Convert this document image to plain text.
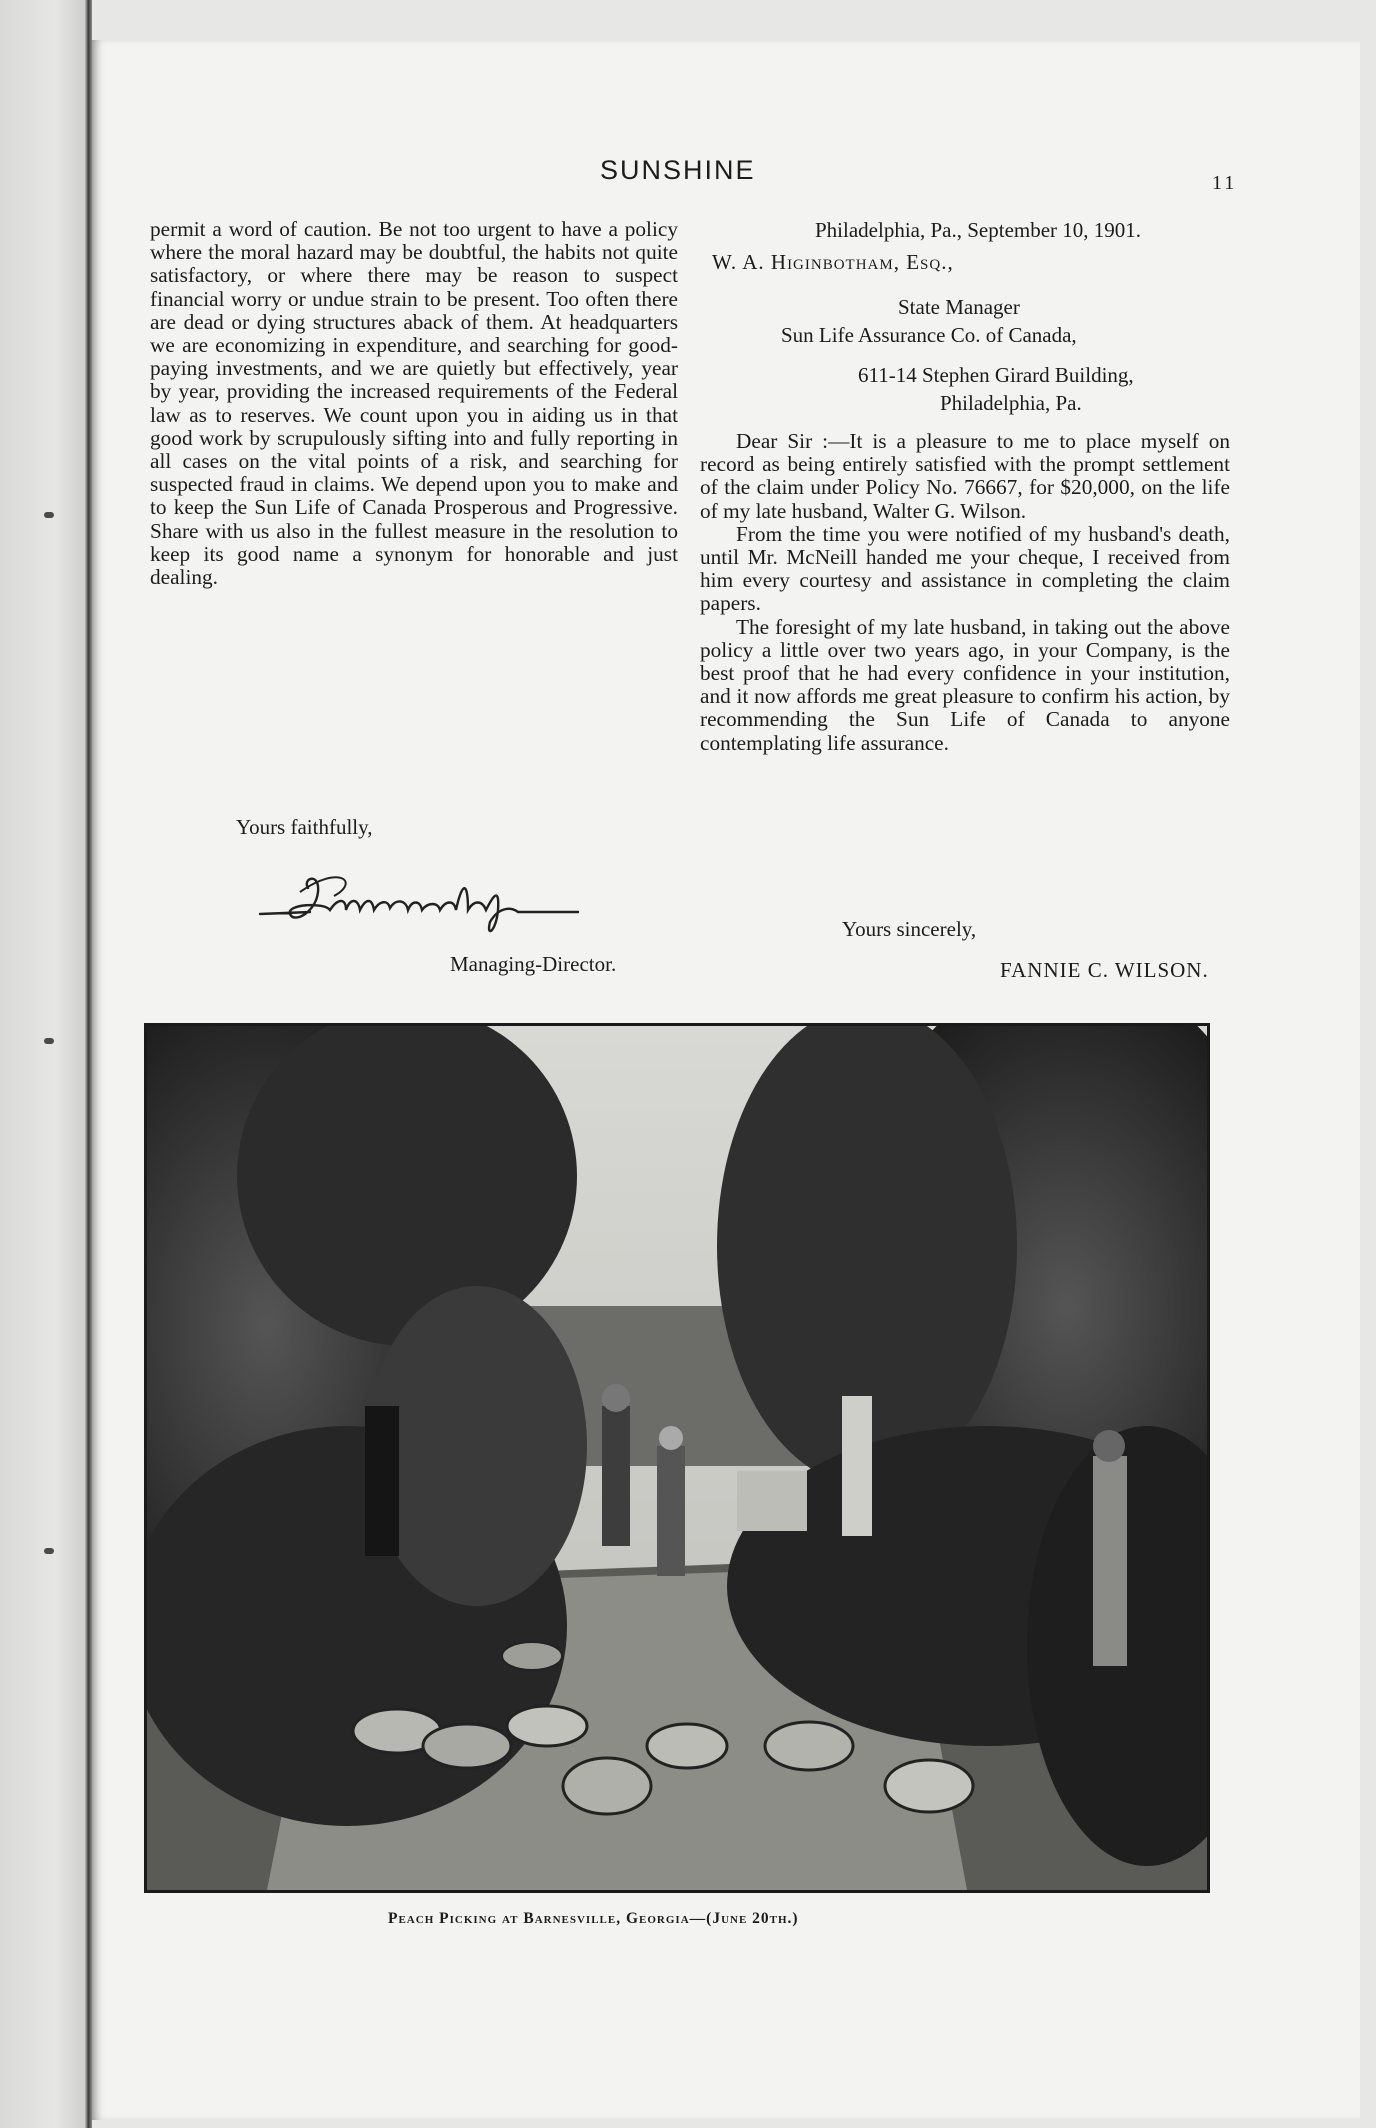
SUNSHINE	11

permit a word of caution. Be not too urgent to have a policy where the moral hazard may be doubtful, the habits not quite satisfactory, or where there may be reason to suspect financial worry or undue strain to be present. Too often there are dead or dying structures aback of them. At headquarters we are economizing in expenditure, and searching for good-paying investments, and we are quietly but effectively, year by year, providing the increased requirements of the Federal law as to reserves. We count upon you in aiding us in that good work by scrupulously sifting into and fully reporting in all cases on the vital points of a risk, and searching for suspected fraud in claims. We depend upon you to make and to keep the Sun Life of Canada Prosperous and Progressive. Share with us also in the fullest measure in the resolution to keep its good name a synonym for honorable and just dealing.

Yours faithfully,
Managing-Director.
Philadelphia, Pa., September 10, 1901.
W. A. Higinbotham, Esq.,
State Manager
Sun Life Assurance Co. of Canada,
611-14 Stephen Girard Building,
Philadelphia, Pa.

Dear Sir :—It is a pleasure to me to place myself on record as being entirely satisfied with the prompt settlement of the claim under Policy No. 76667, for $20,000, on the life of my late husband, Walter G. Wilson.

From the time you were notified of my husband's death, until Mr. McNeill handed me your cheque, I received from him every courtesy and assistance in completing the claim papers.

The foresight of my late husband, in taking out the above policy a little over two years ago, in your Company, is the best proof that he had every confidence in your institution, and it now affords me great pleasure to confirm his action, by recommending the Sun Life of Canada to anyone contemplating life assurance.

Yours sincerely,
FANNIE C. WILSON.
Peach Picking at Barnesville, Georgia—(June 20th.)
